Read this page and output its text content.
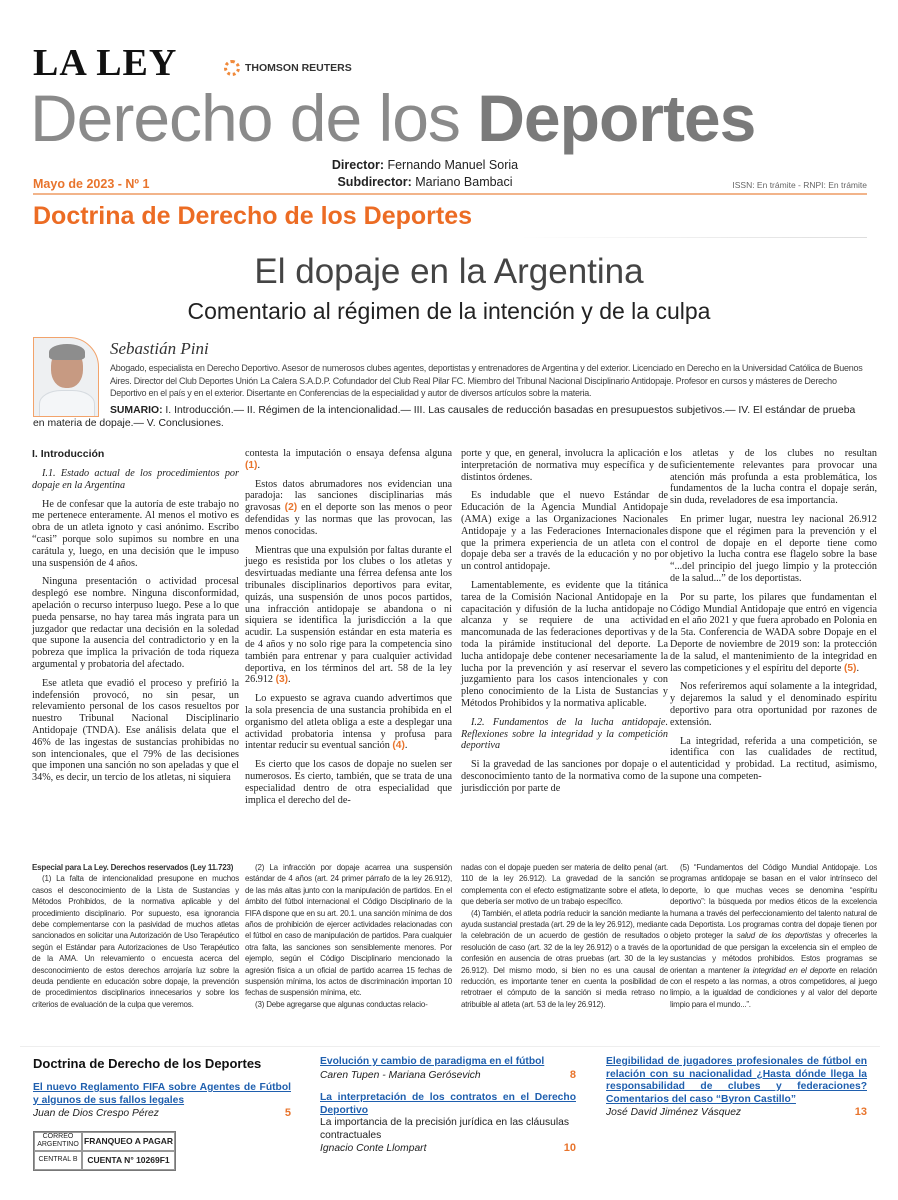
LA LEY	THOMSON REUTERS
Derecho de los Deportes
Director: Fernando Manuel Soria
Subdirector: Mariano Bambaci
Mayo de 2023 - Nº 1	ISSN: En trámite - RNPI: En trámite
Doctrina de Derecho de los Deportes
El dopaje en la Argentina
Comentario al régimen de la intención y de la culpa
Sebastián Pini
Abogado, especialista en Derecho Deportivo. Asesor de numerosos clubes agentes, deportistas y entrenadores de Argentina y del exterior. Licenciado en Derecho en la Universidad Católica de Buenos Aires. Director del Club Deportes Unión La Calera S.A.D.P. Cofundador del Club Real Pilar FC. Miembro del Tribunal Nacional Disciplinario Antidopaje. Profesor en cursos y másteres de Derecho Deportivo en el país y en el exterior. Disertante en Conferencias de la especialidad y autor de diversos artículos sobre la materia.
SUMARIO: I. Introducción.— II. Régimen de la intencionalidad.— III. Las causales de reducción basadas en presupuestos subjetivos.— IV. El estándar de prueba en materia de dopaje.— V. Conclusiones.
I. Introducción

I.1. Estado actual de los procedimientos por dopaje en la Argentina

He de confesar que la autoría de este trabajo no me pertenece enteramente. Al menos el motivo es obra de un atleta ignoto y casi anónimo. Escribo “casi” porque solo supimos su nombre en una carátula y, luego, en una decisión que le impuso una suspensión de 4 años.

Ninguna presentación o actividad procesal desplegó ese nombre. Ninguna disconformidad, apelación o recurso interpuso luego. Pese a lo que pueda pensarse, no hay tarea más ingrata para un juzgador que redactar una decisión en la soledad que supone la ausencia del contradictorio y en la pobreza que implica la privación de toda riqueza argumental y probatoria del afectado.

Ese atleta que evadió el proceso y prefirió la indefensión provocó, no sin pesar, un relevamiento personal de los casos resueltos por nuestro Tribunal Nacional Disciplinario Antidopaje (TNDA). Ese análisis delata que el 46% de las ingestas de sustancias prohibidas no son intencionales, que el 79% de las decisiones que imponen una sanción no son apeladas y que el 34%, es decir, un tercio de los atletas, ni siquiera

contesta la imputación o ensaya defensa alguna (1).

Estos datos abrumadores nos evidencian una paradoja: las sanciones disciplinarias más gravosas (2) en el deporte son las menos o peor defendidas y las normas que las provocan, las menos conocidas.

Mientras que una expulsión por faltas durante el juego es resistida por los clubes o los atletas y desvirtuadas mediante una férrea defensa ante los tribunales disciplinarios deportivos para evitar, quizás, una suspensión de unos pocos partidos, una infracción antidopaje se abandona o ni siquiera se identifica la jurisdicción a la que acudir. La suspensión estándar en esta materia es de 4 años y no solo rige para la competencia sino también para entrenar y para cualquier actividad deportiva, en los términos del art. 58 de la ley 26.912 (3).

Lo expuesto se agrava cuando advertimos que la sola presencia de una sustancia prohibida en el organismo del atleta obliga a este a desplegar una actividad probatoria intensa y profusa para intentar reducir su eventual sanción (4).

Es cierto que los casos de dopaje no suelen ser numerosos. Es cierto, también, que se trata de una especialidad dentro de otra especialidad que implica el derecho del de-

porte y que, en general, involucra la aplicación e interpretación de normativa muy específica y de distintos órdenes.

Es indudable que el nuevo Estándar de Educación de la Agencia Mundial Antidopaje (AMA) exige a las Organizaciones Nacionales Antidopaje y a las Federaciones Internacionales que la primera experiencia de un atleta con el dopaje deba ser a través de la educación y no por un control antidopaje.

Lamentablemente, es evidente que la titánica tarea de la Comisión Nacional Antidopaje en la capacitación y difusión de la lucha antidopaje no alcanza y se requiere de una actividad mancomunada de las federaciones deportivas y de toda la pirámide institucional del deporte. La lucha antidopaje debe contener necesariamente la lucha por la prevención y así reservar el severo juzgamiento para los casos intencionales y con pleno conocimiento de la Lista de Sustancias y Métodos Prohibidos y la normativa aplicable.

I.2. Fundamentos de la lucha antidopaje. Reflexiones sobre la integridad y la competición deportiva

Si la gravedad de las sanciones por dopaje o el desconocimiento tanto de la normativa como de la jurisdicción por parte de

los atletas y de los clubes no resultan suficientemente relevantes para provocar una atención más profunda a esta problemática, los fundamentos de la lucha contra el dopaje serán, sin duda, reveladores de esa importancia.

En primer lugar, nuestra ley nacional 26.912 dispone que el régimen para la prevención y el control de dopaje en el deporte tiene como objetivo la lucha contra ese flagelo sobre la base “...del principio del juego limpio y la protección de la salud...” de los deportistas.

Por su parte, los pilares que fundamentan el Código Mundial Antidopaje que entró en vigencia en el año 2021 y que fuera aprobado en Polonia en la 5ta. Conferencia de WADA sobre Dopaje en el Deporte de noviembre de 2019 son: la protección de la salud, el mantenimiento de la integridad en las competiciones y el espíritu del deporte (5).

Nos referiremos aquí solamente a la integridad, y dejaremos la salud y el denominado espíritu deportivo para otra oportunidad por razones de extensión.

La integridad, referida a una competición, se identifica con las cualidades de rectitud, autenticidad y probidad. La rectitud, asimismo, supone una competen-

Especial para La Ley. Derechos reservados (Ley 11.723)

(1) La falta de intencionalidad presupone en muchos casos el desconocimiento de la Lista de Sustancias y Métodos Prohibidos, de la normativa aplicable y del procedimiento disciplinario. Por supuesto, esa ignorancia debe complementarse con la pasividad de muchos atletas sancionados en solicitar una Autorización de Uso Terapéutico según el Estándar para Autorizaciones de Uso Terapéutico de la AMA. Un relevamiento o encuesta acerca del desconocimiento de estos derechos arrojaría luz sobre la deuda pendiente en educación sobre dopaje, la prevención de procedimientos disciplinarios innecesarios y sobre los criterios de evaluación de la culpa que veremos.

(2) La infracción por dopaje acarrea una suspensión estándar de 4 años (art. 24 primer párrafo de la ley 26.912), de las más altas junto con la manipulación de partidos. En el ámbito del fútbol internacional el Código Disciplinario de la FIFA dispone que en su art. 20.1. una sanción mínima de dos años de prohibición de ejercer actividades relacionadas con el fútbol en caso de manipulación de partidos. Para cualquier otra falta, las sanciones son sensiblemente menores. Por ejemplo, según el Código Disciplinario mencionado la agresión física a un oficial de partido acarrea 15 fechas de suspensión mínima, los actos de discriminación importan 10 fechas de suspensión mínima, etc.

(3) Debe agregarse que algunas conductas relacio-

nadas con el dopaje pueden ser materia de delito penal (art. 110 de la ley 26.912). La gravedad de la sanción se complementa con el efecto estigmatizante sobre el atleta, lo que debería ser motivo de un trabajo específico.

(4) También, el atleta podría reducir la sanción mediante la ayuda sustancial prestada (art. 29 de la ley 26.912), mediante la celebración de un acuerdo de gestión de resultados o resolución de caso (art. 32 de la ley 26.912) o a través de la confesión en ausencia de otras pruebas (art. 30 de la ley 26.912). Del mismo modo, si bien no es una causal de reducción, es importante tener en cuenta la posibilidad de retrotraer el cómputo de la sanción si media retraso no atribuible al atleta (art. 53 de la ley 26.912).

(5) “Fundamentos del Código Mundial Antidopaje. Los programas antidopaje se basan en el valor intrínseco del deporte, lo que muchas veces se denomina “espíritu deportivo”: la búsqueda por medios éticos de la excelencia humana a través del perfeccionamiento del talento natural de cada Deportista. Los programas contra del dopaje tienen por objeto proteger la salud de los deportistas y ofrecerles la oportunidad de que persigan la excelencia sin el empleo de sustancias y métodos prohibidos. Estos programas se orientan a mantener la integridad en el deporte en relación con el respeto a las normas, a otros competidores, al juego limpio, a la igualdad de condiciones y al valor del deporte limpio para el mundo...”.

Doctrina de Derecho de los Deportes
El nuevo Reglamento FIFA sobre Agentes de Fútbol y algunos de sus fallos legales
Juan de Dios Crespo Pérez	5
CORREO ARGENTINO FRANQUEO A PAGAR
CENTRAL B	CUENTA N° 10269F1
Evolución y cambio de paradigma en el fútbol
Caren Tupen - Mariana Gerósevich	8
La interpretación de los contratos en el Derecho Deportivo
La importancia de la precisión jurídica en las cláusulas contractuales
Ignacio Conte Llompart	10
Elegibilidad de jugadores profesionales de fútbol en relación con su nacionalidad ¿Hasta dónde llega la responsabilidad de clubes y federaciones? Comentarios del caso “Byron Castillo”
José David Jiménez Vásquez	13
